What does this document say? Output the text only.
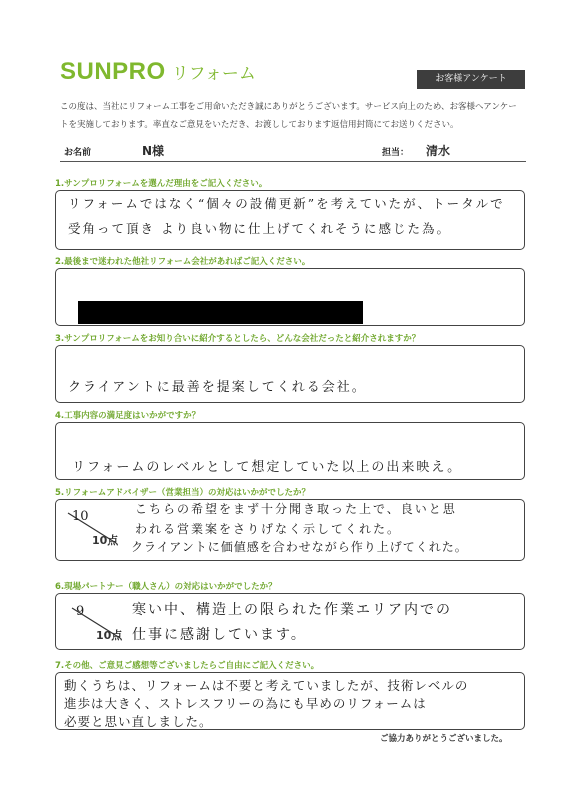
SUNPRO リフォーム	お客様アンケート
この度は、当社にリフォーム工事をご用命いただき誠にありがとうございます。サービス向上のため、お客様へアンケー
トを実施しております。率直なご意見をいただき、お渡ししております返信用封筒にてお送りください。
お名前	N様	担当： 清水
1.サンプロリフォームを選んだ理由をご記入ください。
リフォームではなく“個々の設備更新”を考えていたが、トータルで
受角って頂き より良い物に仕上げてくれそうに感じた為。
2.最後まで迷われた他社リフォーム会社があればご記入ください。
3.サンプロリフォームをお知り合いに紹介するとしたら、どんな会社だったと紹介されますか？
クライアントに最善を提案してくれる会社。
4.工事内容の満足度はいかがですか？
リフォームのレベルとして想定していた以上の出来映え。
5.リフォームアドバイザー（営業担当）の対応はいかがでしたか？
10
10点
こちらの希望をまず十分聞き取った上で、良いと思
われる営業案をさりげなく示してくれた。
クライアントに価値感を合わせながら作り上げてくれた。
6.現場パートナー（職人さん）の対応はいかがでしたか？
9
10点
寒い中、構造上の限られた作業エリア内での
仕事に感謝しています。
7.その他、ご意見ご感想等ございましたらご自由にご記入ください。
動くうちは、リフォームは不要と考えていましたが、技術レベルの
進歩は大きく、ストレスフリーの為にも早めのリフォームは
必要と思い直しました。
ご協力ありがとうございました。
